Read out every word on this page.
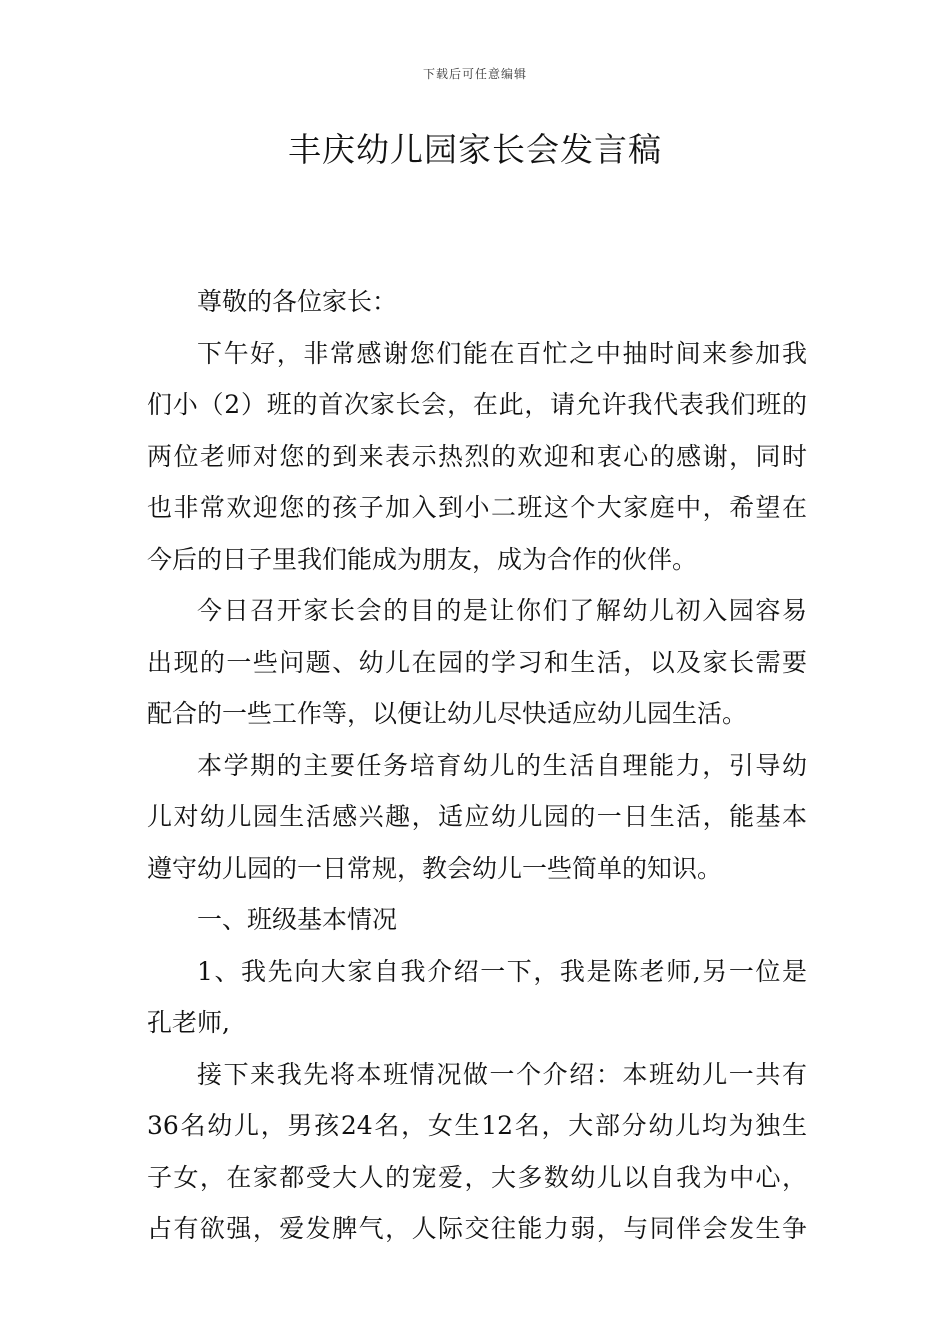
下载后可任意编辑
丰庆幼儿园家长会发言稿
尊敬的各位家长：
下午好，非常感谢您们能在百忙之中抽时间来参加我
们小（2）班的首次家长会，在此，请允许我代表我们班的
两位老师对您的到来表示热烈的欢迎和衷心的感谢，同时
也非常欢迎您的孩子加入到小二班这个大家庭中，希望在
今后的日子里我们能成为朋友，成为合作的伙伴。
今日召开家长会的目的是让你们了解幼儿初入园容易
出现的一些问题、幼儿在园的学习和生活，以及家长需要
配合的一些工作等，以便让幼儿尽快适应幼儿园生活。
本学期的主要任务培育幼儿的生活自理能力，引导幼
儿对幼儿园生活感兴趣，适应幼儿园的一日生活，能基本
遵守幼儿园的一日常规，教会幼儿一些简单的知识。
一、班级基本情况
1、我先向大家自我介绍一下，我是陈老师,另一位是
孔老师,
接下来我先将本班情况做一个介绍：本班幼儿一共有
36名幼儿，男孩24名，女生12名，大部分幼儿均为独生
子女，在家都受大人的宠爱，大多数幼儿以自我为中心，
占有欲强，爱发脾气，人际交往能力弱，与同伴会发生争
